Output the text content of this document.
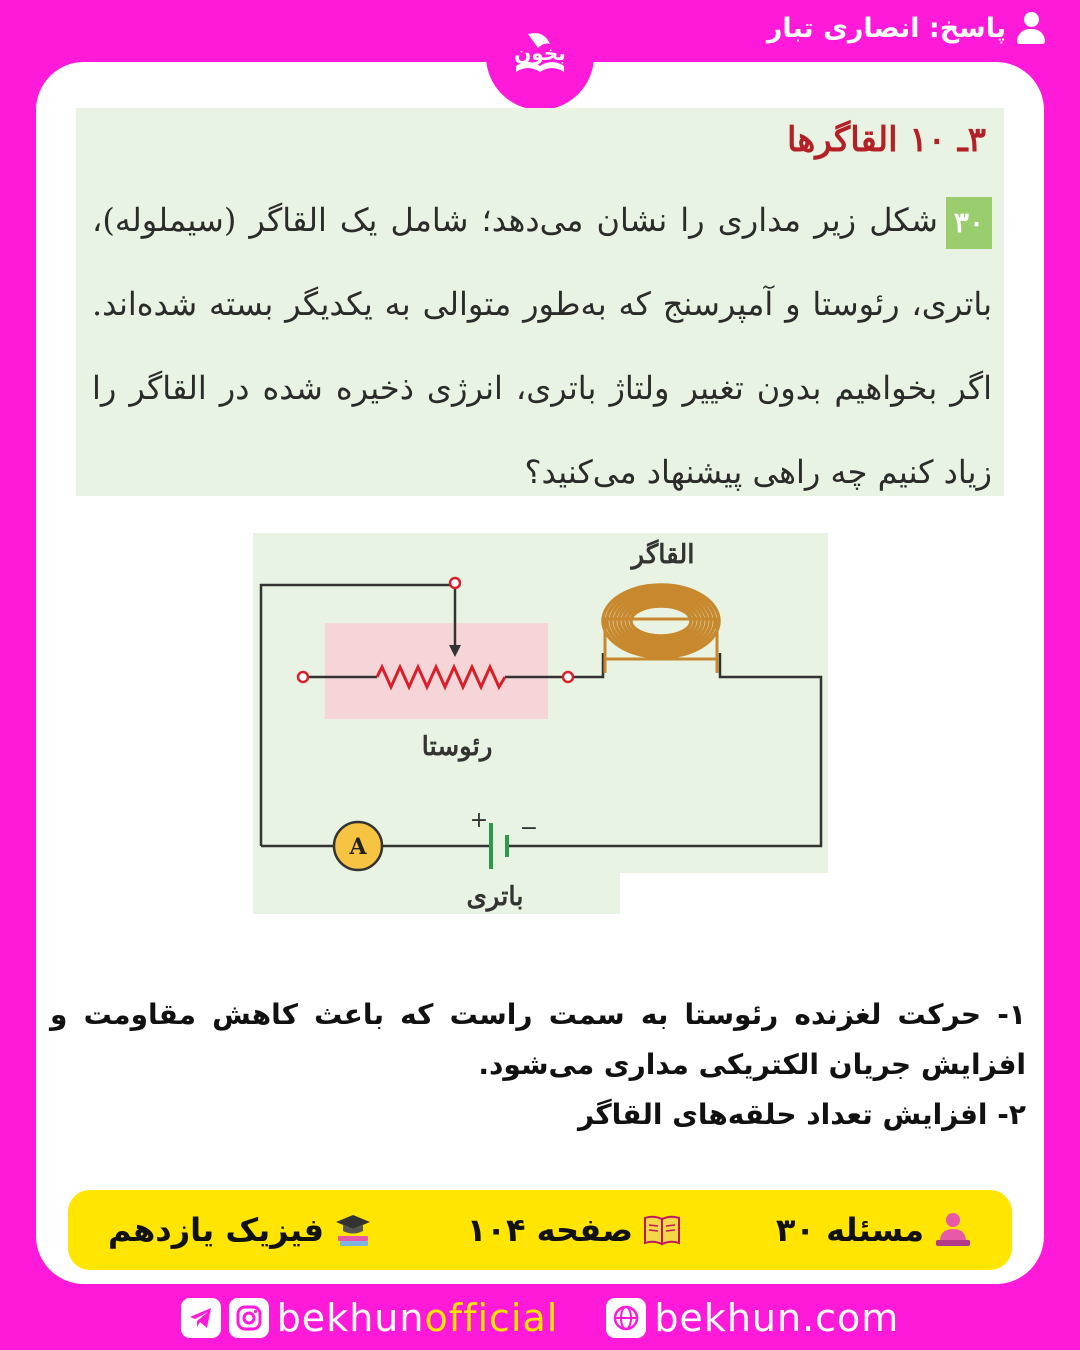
پاسخ: انصاری تبار
بخون
۳ـ ۱۰ القاگرها

۳۰شکل زیر مداری را نشان می‌دهد؛ شامل یک القاگر (سیملوله)، باتری، رئوستا و آمپرسنج که به‌طور متوالی به یکدیگر بسته شده‌اند. اگر بخواهیم بدون تغییر ولتاژ باتری، انرژی ذخیره شده در القاگر را زیاد کنیم چه راهی پیشنهاد می‌کنید؟

A
+ −
القاگر
رئوستا
باتری

۱- حرکت لغزنده رئوستا به سمت راست که باعث کاهش مقاومت و

افزایش جریان الکتریکی مداری می‌شود.

۲- افزایش تعداد حلقه‌های القاگر

مسئله ۳۰
صفحه ۱۰۴
فیزیک یازدهم
bekhunofficial	bekhun.com
